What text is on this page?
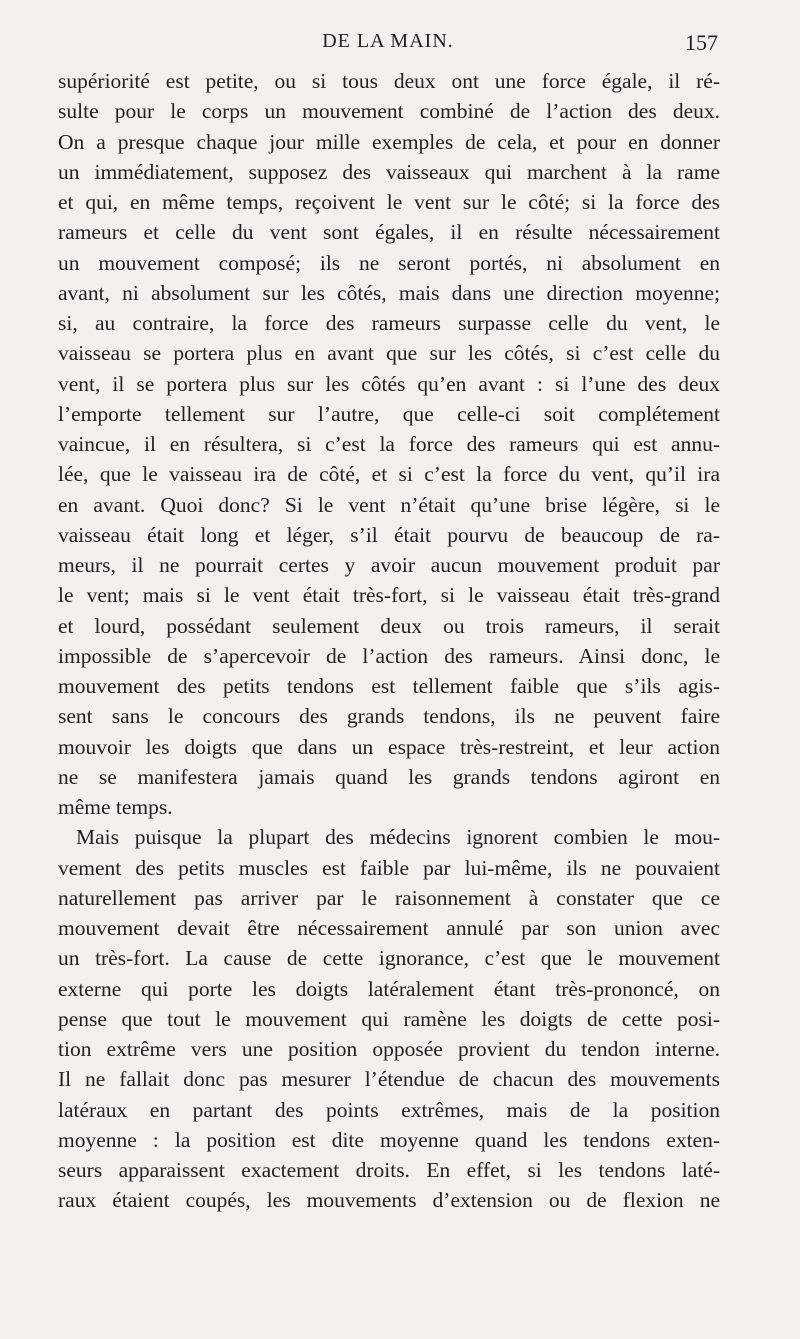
DE LA MAIN.	157
supériorité est petite, ou si tous deux ont une force égale, il ré-
sulte pour le corps un mouvement combiné de l’action des deux.
On a presque chaque jour mille exemples de cela, et pour en donner
un immédiatement, supposez des vaisseaux qui marchent à la rame
et qui, en même temps, reçoivent le vent sur le côté; si la force des
rameurs et celle du vent sont égales, il en résulte nécessairement
un mouvement composé; ils ne seront portés, ni absolument en
avant, ni absolument sur les côtés, mais dans une direction moyenne;
si, au contraire, la force des rameurs surpasse celle du vent, le
vaisseau se portera plus en avant que sur les côtés, si c’est celle du
vent, il se portera plus sur les côtés qu’en avant : si l’une des deux
l’emporte tellement sur l’autre, que celle-ci soit complétement
vaincue, il en résultera, si c’est la force des rameurs qui est annu-
lée, que le vaisseau ira de côté, et si c’est la force du vent, qu’il ira
en avant. Quoi donc? Si le vent n’était qu’une brise légère, si le
vaisseau était long et léger, s’il était pourvu de beaucoup de ra-
meurs, il ne pourrait certes y avoir aucun mouvement produit par
le vent; mais si le vent était très-fort, si le vaisseau était très-grand
et lourd, possédant seulement deux ou trois rameurs, il serait
impossible de s’apercevoir de l’action des rameurs. Ainsi donc, le
mouvement des petits tendons est tellement faible que s’ils agis-
sent sans le concours des grands tendons, ils ne peuvent faire
mouvoir les doigts que dans un espace très-restreint, et leur action
ne se manifestera jamais quand les grands tendons agiront en
même temps.
Mais puisque la plupart des médecins ignorent combien le mou-
vement des petits muscles est faible par lui-même, ils ne pouvaient
naturellement pas arriver par le raisonnement à constater que ce
mouvement devait être nécessairement annulé par son union avec
un très-fort. La cause de cette ignorance, c’est que le mouvement
externe qui porte les doigts latéralement étant très-prononcé, on
pense que tout le mouvement qui ramène les doigts de cette posi-
tion extrême vers une position opposée provient du tendon interne.
Il ne fallait donc pas mesurer l’étendue de chacun des mouvements
latéraux en partant des points extrêmes, mais de la position
moyenne : la position est dite moyenne quand les tendons exten-
seurs apparaissent exactement droits. En effet, si les tendons laté-
raux étaient coupés, les mouvements d’extension ou de flexion ne
